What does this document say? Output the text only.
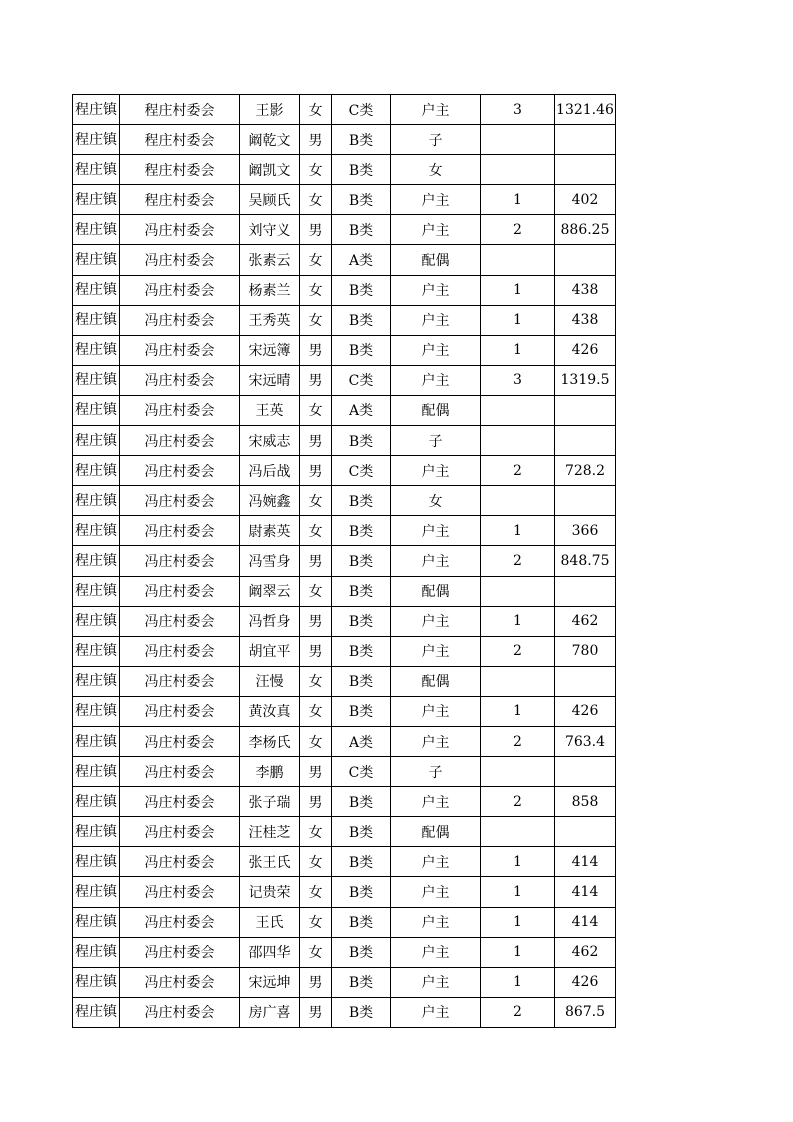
程庄镇	程庄村委会	王影	女	C类	户主	3	1321.46
程庄镇	程庄村委会	阚乾文	男	B类	子		
程庄镇	程庄村委会	阚凯文	女	B类	女		
程庄镇	程庄村委会	吴顾氏	女	B类	户主	1	402
程庄镇	冯庄村委会	刘守义	男	B类	户主	2	886.25
程庄镇	冯庄村委会	张素云	女	A类	配偶		
程庄镇	冯庄村委会	杨素兰	女	B类	户主	1	438
程庄镇	冯庄村委会	王秀英	女	B类	户主	1	438
程庄镇	冯庄村委会	宋远簿	男	B类	户主	1	426
程庄镇	冯庄村委会	宋远晴	男	C类	户主	3	1319.5
程庄镇	冯庄村委会	王英	女	A类	配偶		
程庄镇	冯庄村委会	宋威志	男	B类	子		
程庄镇	冯庄村委会	冯后战	男	C类	户主	2	728.2
程庄镇	冯庄村委会	冯婉鑫	女	B类	女		
程庄镇	冯庄村委会	尉素英	女	B类	户主	1	366
程庄镇	冯庄村委会	冯雪身	男	B类	户主	2	848.75
程庄镇	冯庄村委会	阚翠云	女	B类	配偶		
程庄镇	冯庄村委会	冯哲身	男	B类	户主	1	462
程庄镇	冯庄村委会	胡宜平	男	B类	户主	2	780
程庄镇	冯庄村委会	汪慢	女	B类	配偶		
程庄镇	冯庄村委会	黄汝真	女	B类	户主	1	426
程庄镇	冯庄村委会	李杨氏	女	A类	户主	2	763.4
程庄镇	冯庄村委会	李鹏	男	C类	子		
程庄镇	冯庄村委会	张子瑞	男	B类	户主	2	858
程庄镇	冯庄村委会	汪桂芝	女	B类	配偶		
程庄镇	冯庄村委会	张王氏	女	B类	户主	1	414
程庄镇	冯庄村委会	记贵荣	女	B类	户主	1	414
程庄镇	冯庄村委会	王氏	女	B类	户主	1	414
程庄镇	冯庄村委会	邵四华	女	B类	户主	1	462
程庄镇	冯庄村委会	宋远坤	男	B类	户主	1	426
程庄镇	冯庄村委会	房广喜	男	B类	户主	2	867.5
